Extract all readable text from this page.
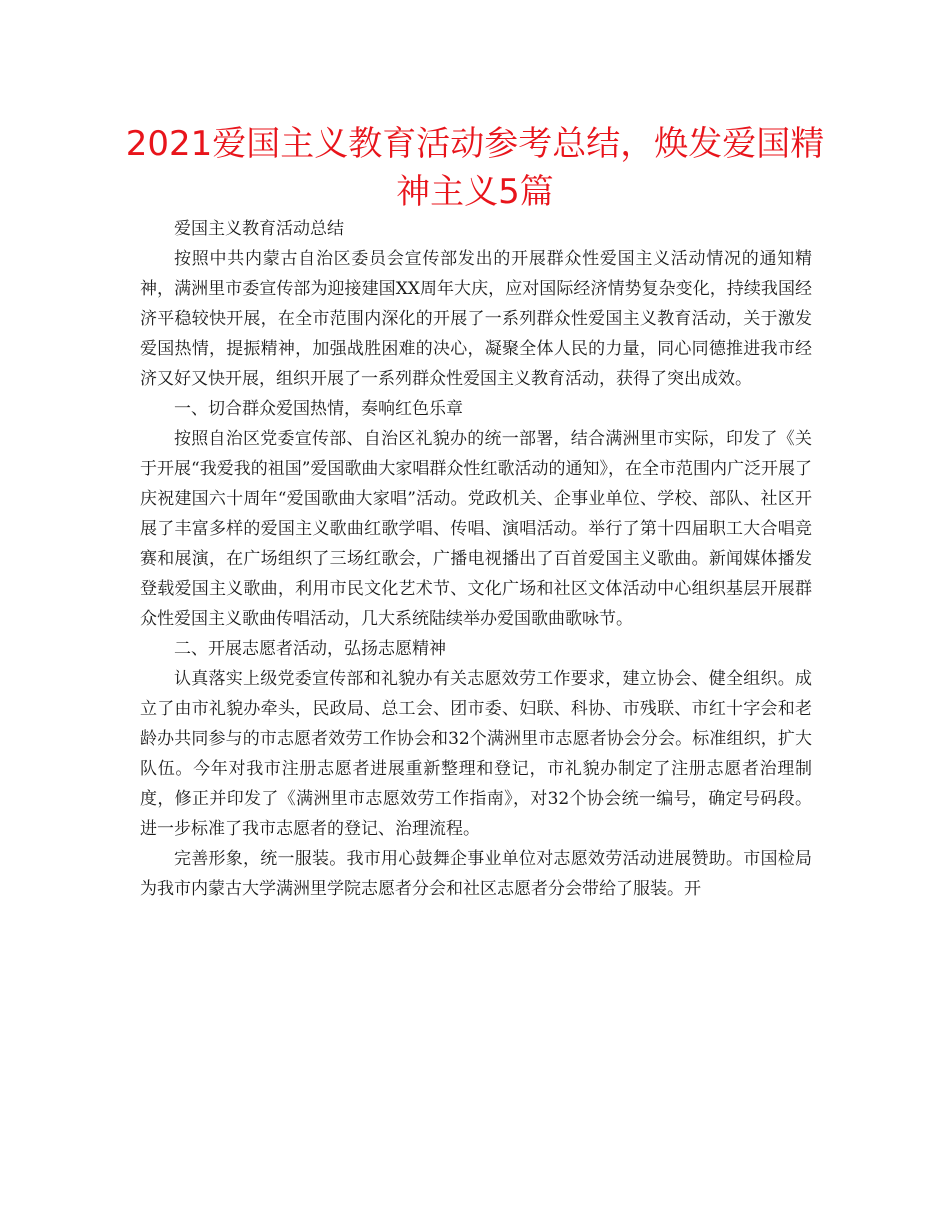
2021爱国主义教育活动参考总结，焕发爱国精神主义5篇

爱国主义教育活动总结

按照中共内蒙古自治区委员会宣传部发出的开展群众性爱国主义活动情况的通知精神，满洲里市委宣传部为迎接建国XX周年大庆，应对国际经济情势复杂变化，持续我国经济平稳较快开展，在全市范围内深化的开展了一系列群众性爱国主义教育活动，关于激发爱国热情，提振精神，加强战胜困难的决心，凝聚全体人民的力量，同心同德推进我市经济又好又快开展，组织开展了一系列群众性爱国主义教育活动，获得了突出成效。

一、切合群众爱国热情，奏响红色乐章

按照自治区党委宣传部、自治区礼貌办的统一部署，结合满洲里市实际，印发了《关于开展“我爱我的祖国”爱国歌曲大家唱群众性红歌活动的通知》，在全市范围内广泛开展了庆祝建国六十周年“爱国歌曲大家唱”活动。党政机关、企事业单位、学校、部队、社区开展了丰富多样的爱国主义歌曲红歌学唱、传唱、演唱活动。举行了第十四届职工大合唱竞赛和展演，在广场组织了三场红歌会，广播电视播出了百首爱国主义歌曲。新闻媒体播发登载爱国主义歌曲，利用市民文化艺术节、文化广场和社区文体活动中心组织基层开展群众性爱国主义歌曲传唱活动，几大系统陆续举办爱国歌曲歌咏节。

二、开展志愿者活动，弘扬志愿精神

认真落实上级党委宣传部和礼貌办有关志愿效劳工作要求，建立协会、健全组织。成立了由市礼貌办牵头，民政局、总工会、团市委、妇联、科协、市残联、市红十字会和老龄办共同参与的市志愿者效劳工作协会和32个满洲里市志愿者协会分会。标准组织，扩大队伍。今年对我市注册志愿者进展重新整理和登记，市礼貌办制定了注册志愿者治理制度，修正并印发了《满洲里市志愿效劳工作指南》，对32个协会统一编号，确定号码段。进一步标准了我市志愿者的登记、治理流程。

完善形象，统一服装。我市用心鼓舞企事业单位对志愿效劳活动进展赞助。市国检局为我市内蒙古大学满洲里学院志愿者分会和社区志愿者分会带给了服装。开
